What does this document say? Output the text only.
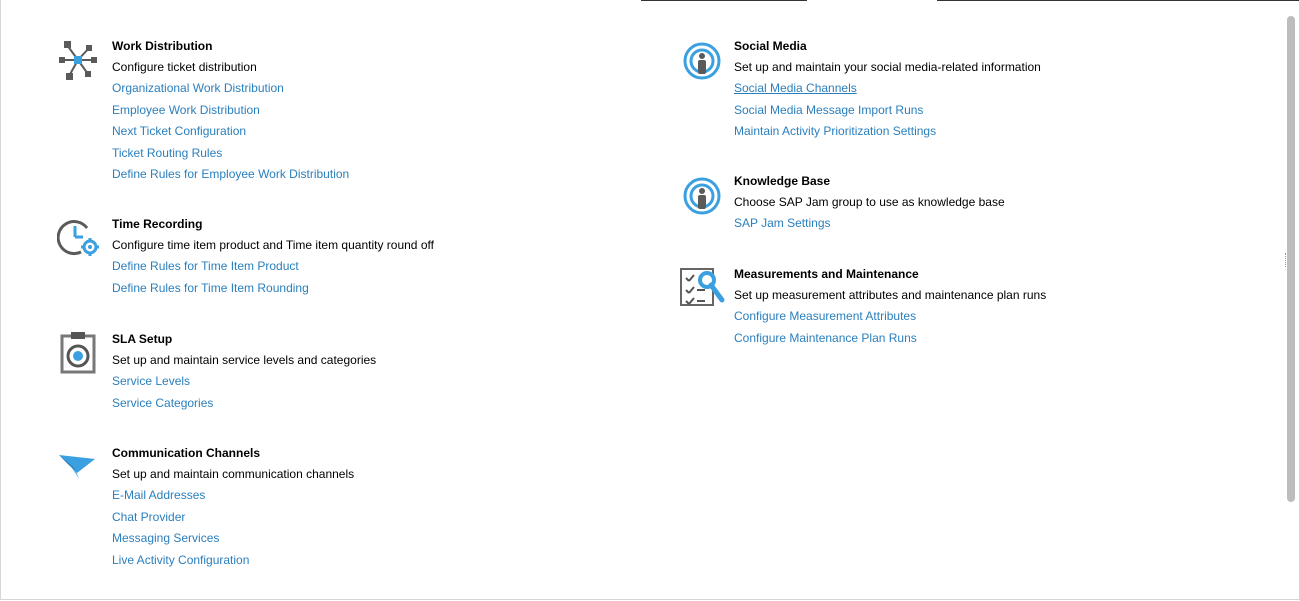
Work Distribution
Configure ticket distribution
Organizational Work Distribution
Employee Work Distribution
Next Ticket Configuration
Ticket Routing Rules
Define Rules for Employee Work Distribution
Time Recording
Configure time item product and Time item quantity round off
Define Rules for Time Item Product
Define Rules for Time Item Rounding
SLA Setup
Set up and maintain service levels and categories
Service Levels
Service Categories
Communication Channels
Set up and maintain communication channels
E-Mail Addresses
Chat Provider
Messaging Services
Live Activity Configuration
Social Media
Set up and maintain your social media-related information
Social Media Channels
Social Media Message Import Runs
Maintain Activity Prioritization Settings
Knowledge Base
Choose SAP Jam group to use as knowledge base
SAP Jam Settings
Measurements and Maintenance
Set up measurement attributes and maintenance plan runs
Configure Measurement Attributes
Configure Maintenance Plan Runs
